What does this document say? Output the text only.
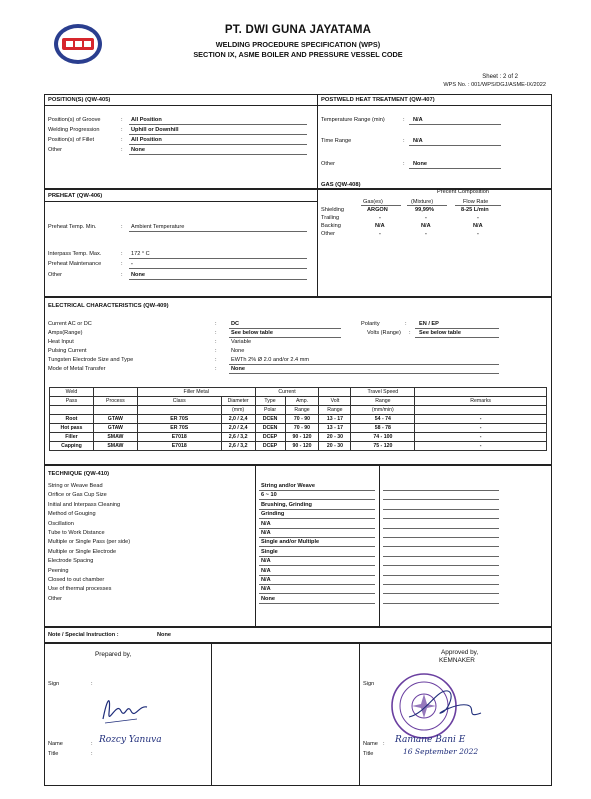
PT. DWI GUNA JAYATAMA
WELDING PROCEDURE SPECIFICATION (WPS)
SECTION IX, ASME BOILER AND PRESSURE VESSEL CODE
Sheet : 2 of 2
WPS No. : 001/WPS/DGJ/ASME-IX/2022
POSITION(S) (QW-405)	POSTWELD HEAT TREATMENT (QW-407)
Position(s) of Groove	: All Position
Welding Progression	: Uphill or Downhill
Position(s) of Fillet	: All Position
Other	: None
Temperature Range (min)	: N/A
Time Range	: N/A
Other	: None
PREHEAT (QW-406)
GAS (QW-408)
Preheat Temp. Min.	: Ambient Temperature
Interpass Temp. Max.	: 172 ° C
Preheat Maintenance	: -
Other	: None
Precent Composition
Gas(es)	(Mixture)	Flow Rate
Shielding	ARGON	99,99%	8-25 L/min
Trailing	-	-	-
Backing	N/A	N/A	N/A
Other	-	-	-
ELECTRICAL CHARACTERISTICS (QW-409)
Current AC or DC	:	DC
Amps(Range)	:	See below table
Heat Input	:	Variable
Pulsing Current	:	None
Tungsten Electrode Size and Type	:	EWTh 2% Ø 2.0 and/or 2.4 mm
Mode of Metal Transfer	:	None
Polarity	: EN / EP
Volts (Range) : See below table
Weld		Filler Metal		Current			Travel Speed	
Pass	Process	Class	Diameter	Type	Amp.	Volt	Range	Remarks
			(mm)	Polar	Range	Range	(mm/min)	
Root	GTAW	ER 70S	2,0 / 2,4	DCEN	70 - 90	13 - 17	54 - 74	-
Hot pass	GTAW	ER 70S	2,0 / 2,4	DCEN	70 - 90	13 - 17	58 - 78	-
Filler	SMAW	E7018	2,6 / 3,2	DCEP	90 - 120	20 - 30	74 - 100	-
Capping	SMAW	E7018	2,6 / 3,2	DCEP	90 - 120	20 - 30	75 - 120	-
TECHNIQUE (QW-410)
String or Weave Bead	String and/or Weave
Orifice or Gas Cup Size	6 ~ 10
Initial and Interpass Cleaning	Brushing, Grinding
Method of Gouging	Grinding
Oscillation	N/A
Tube to Work Distance	N/A
Multiple or Single Pass (per side)	Single and/or Multiple
Multiple or Single Electrode	Single
Electrode Spacing	N/A
Peening	N/A
Closed to out chamber	N/A
Use of thermal processes	N/A
Other	None
Note / Special Instruction :	None
Prepared by,	Approved by,
KEMNAKER
Sign	:
Name	:
Title	:
Rozcy Yanuva
Sign
Name
Title
: Ramane Bani E
16 September 2022
